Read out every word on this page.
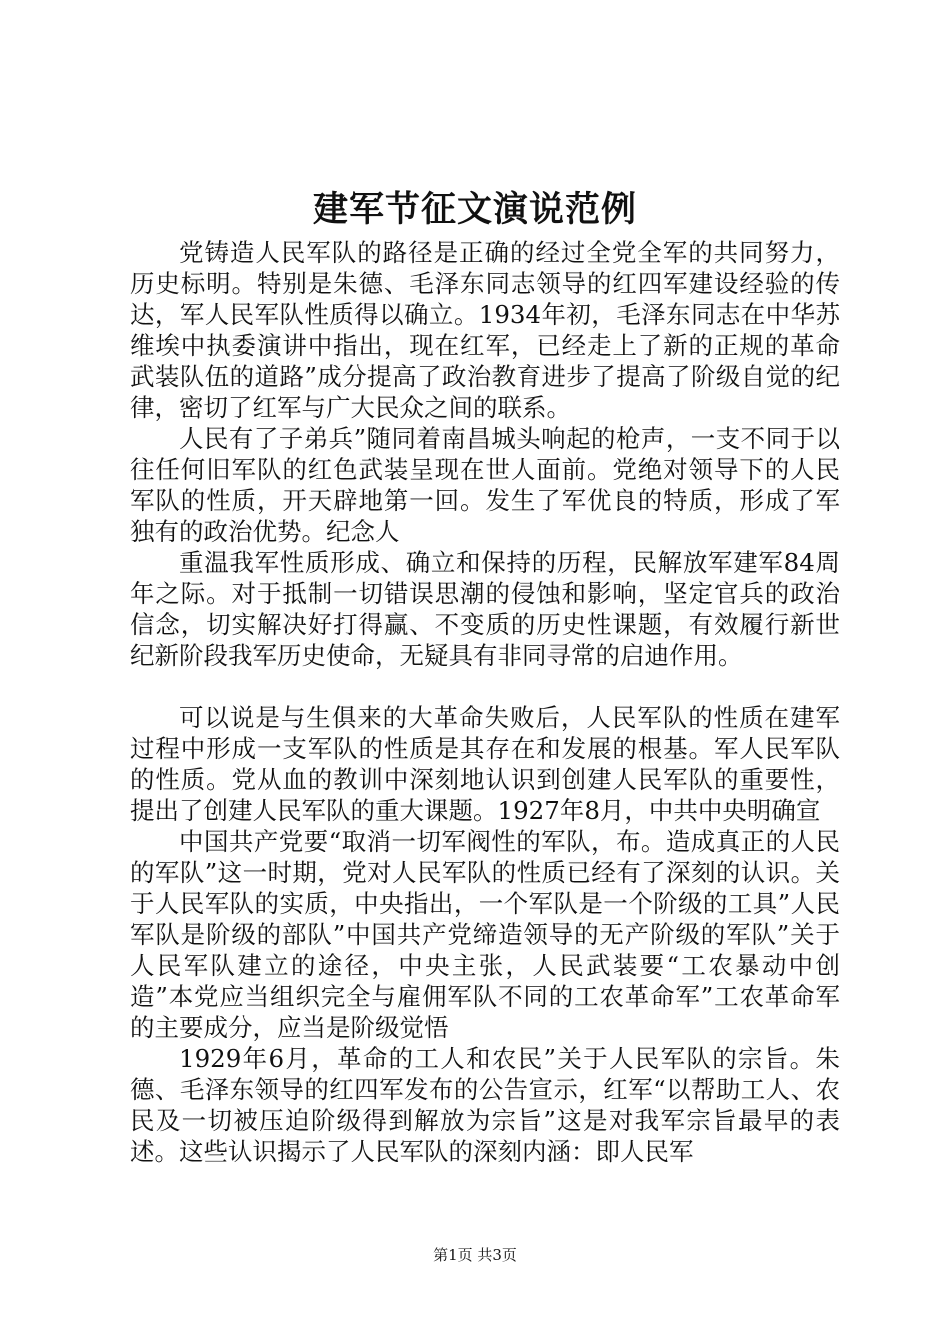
建军节征文演说范例

党铸造人民军队的路径是正确的经过全党全军的共同努力，历史标明。特别是朱德、毛泽东同志领导的红四军建设经验的传达，军人民军队性质得以确立。1934年初，毛泽东同志在中华苏维埃中执委演讲中指出，现在红军，已经走上了新的正规的革命武装队伍的道路”成分提高了政治教育进步了提高了阶级自觉的纪律，密切了红军与广大民众之间的联系。

人民有了子弟兵”随同着南昌城头响起的枪声，一支不同于以往任何旧军队的红色武装呈现在世人面前。党绝对领导下的人民军队的性质，开天辟地第一回。发生了军优良的特质，形成了军独有的政治优势。纪念人

重温我军性质形成、确立和保持的历程，民解放军建军84周年之际。对于抵制一切错误思潮的侵蚀和影响，坚定官兵的政治信念，切实解决好打得赢、不变质的历史性课题，有效履行新世纪新阶段我军历史使命，无疑具有非同寻常的启迪作用。

可以说是与生俱来的大革命失败后，人民军队的性质在建军过程中形成一支军队的性质是其存在和发展的根基。军人民军队的性质。党从血的教训中深刻地认识到创建人民军队的重要性，提出了创建人民军队的重大课题。1927年8月，中共中央明确宣

中国共产党要“取消一切军阀性的军队，布。造成真正的人民的军队”这一时期，党对人民军队的性质已经有了深刻的认识。关于人民军队的实质，中央指出，一个军队是一个阶级的工具”人民军队是阶级的部队”中国共产党缔造领导的无产阶级的军队”关于人民军队建立的途径，中央主张，人民武装要“工农暴动中创造”本党应当组织完全与雇佣军队不同的工农革命军”工农革命军的主要成分，应当是阶级觉悟

1929年6月，革命的工人和农民”关于人民军队的宗旨。朱德、毛泽东领导的红四军发布的公告宣示，红军“以帮助工人、农民及一切被压迫阶级得到解放为宗旨”这是对我军宗旨最早的表述。这些认识揭示了人民军队的深刻内涵：即人民军

第1页 共3页
